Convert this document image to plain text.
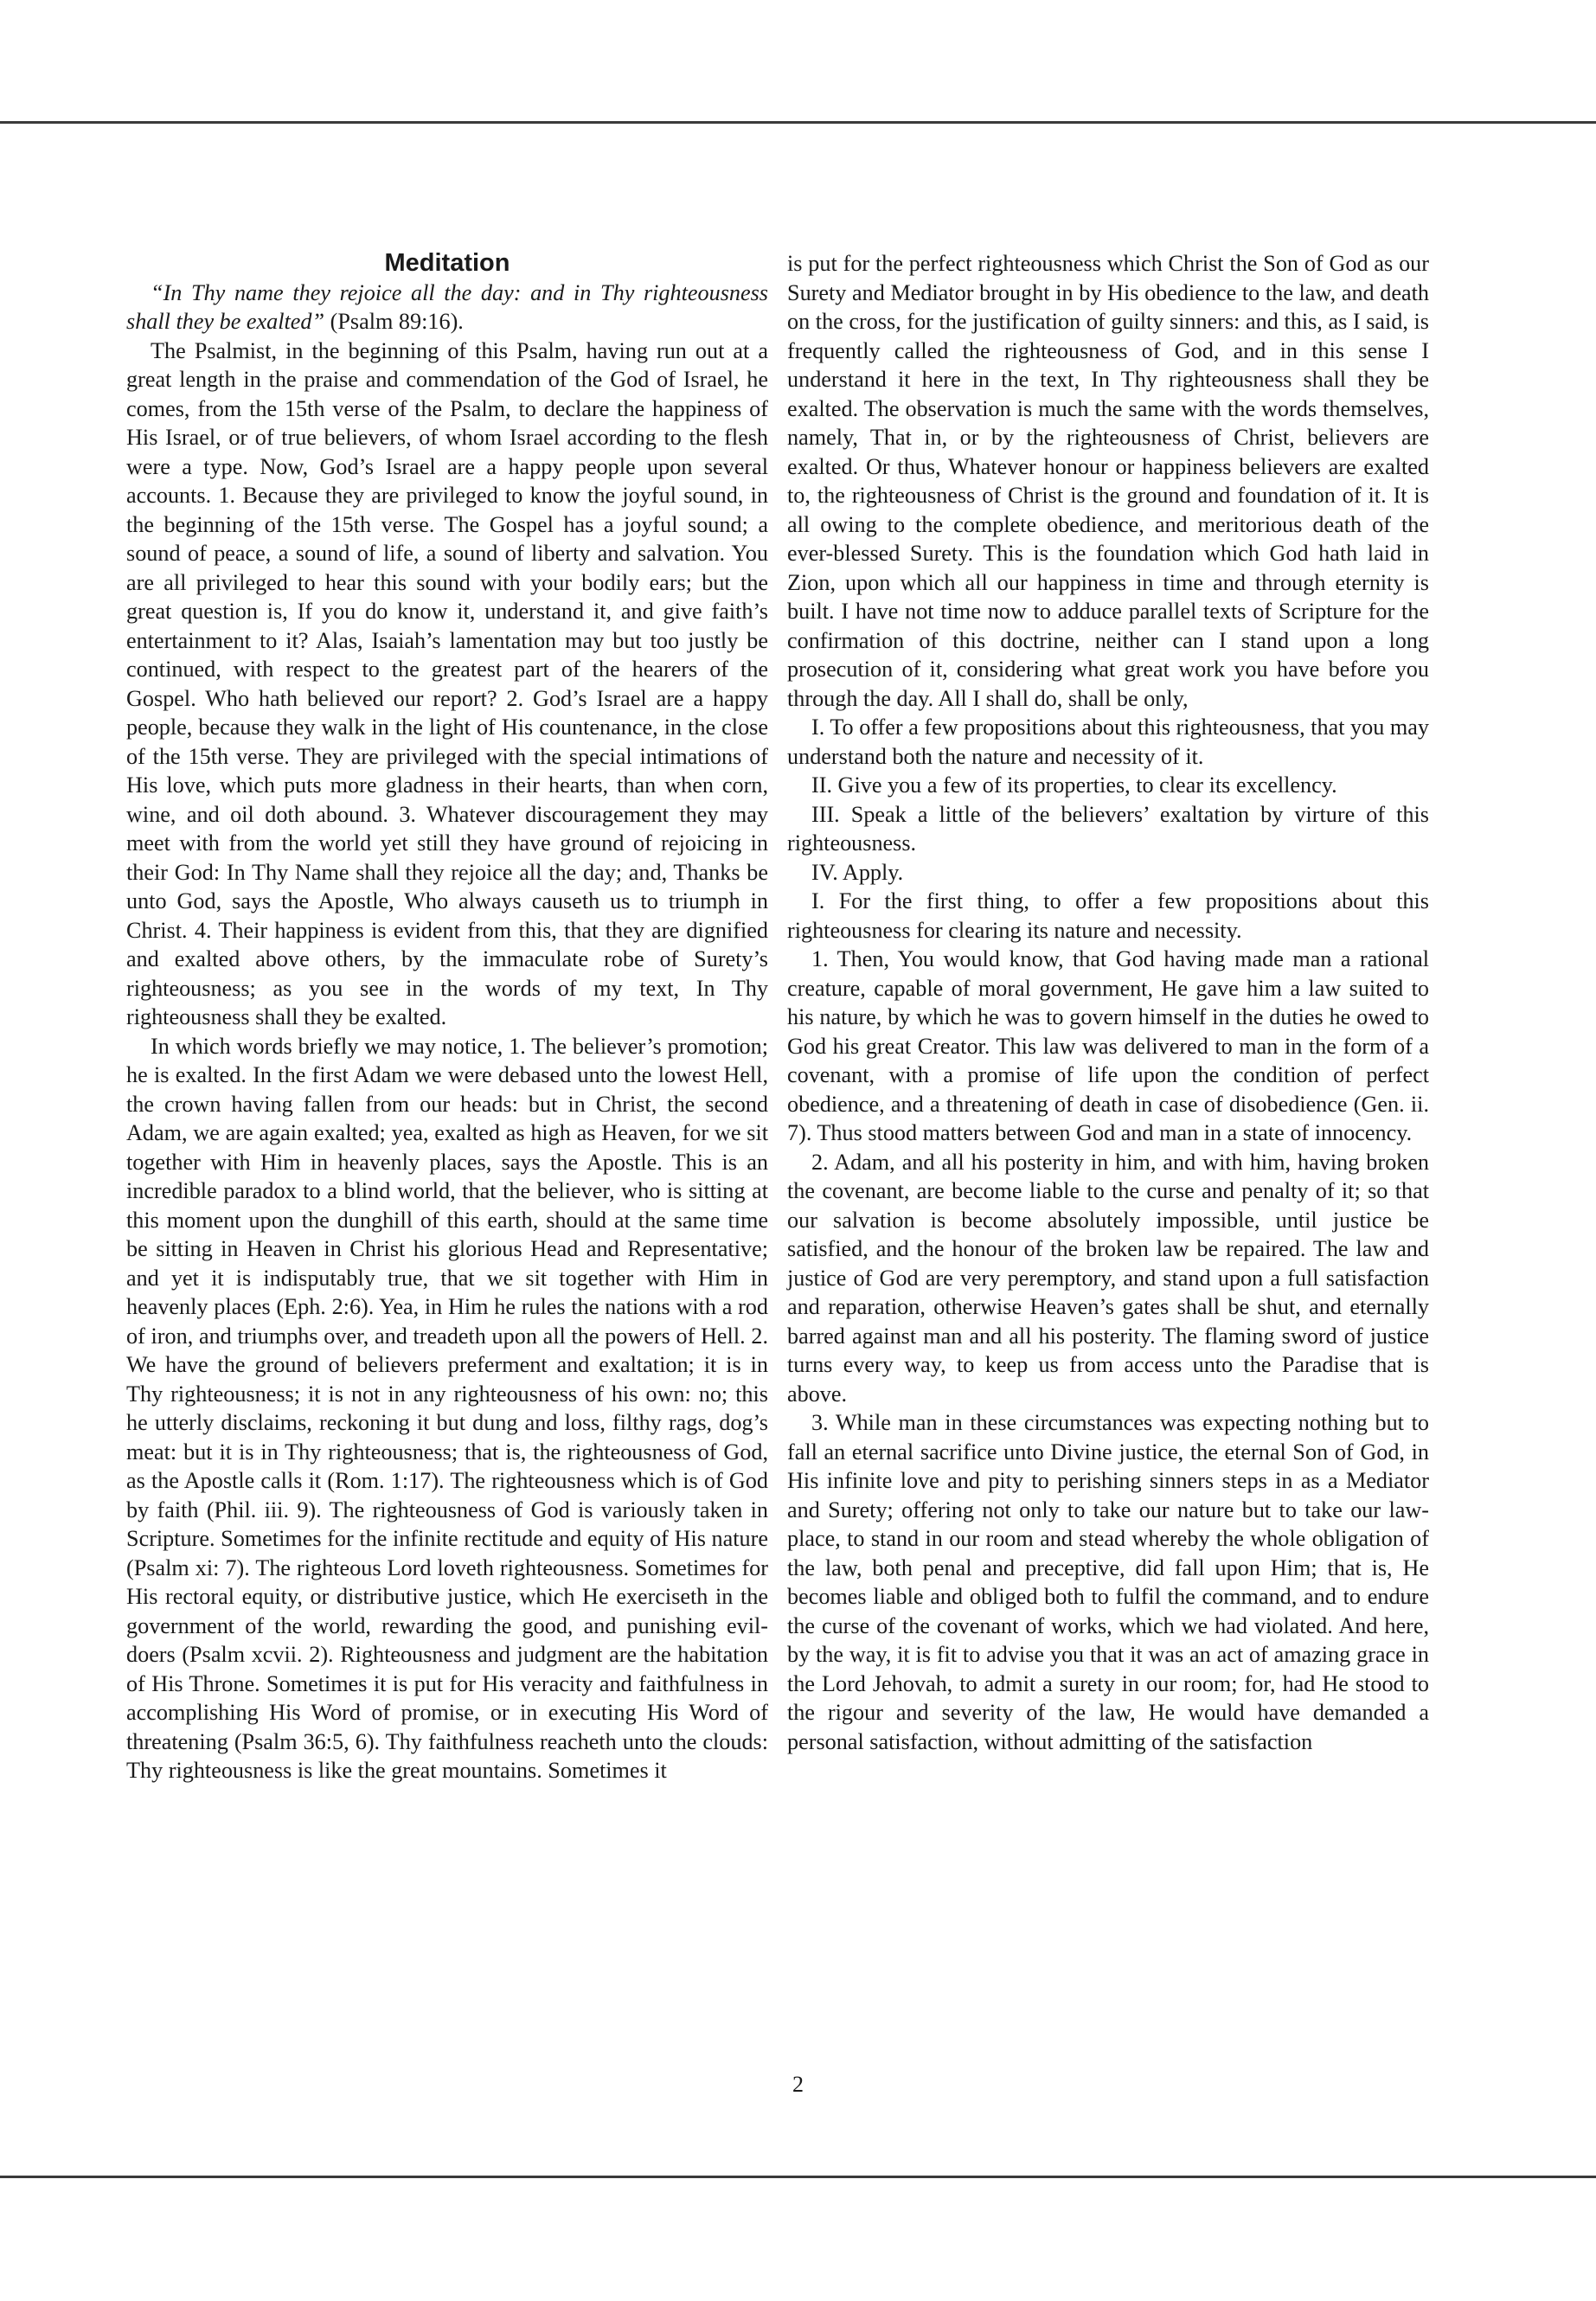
Meditation

“In Thy name they rejoice all the day: and in Thy righteousness shall they be exalted” (Psalm 89:16).

The Psalmist, in the beginning of this Psalm, having run out at a great length in the praise and commendation of the God of Israel, he comes, from the 15th verse of the Psalm, to declare the happiness of His Israel, or of true believers, of whom Israel according to the flesh were a type. Now, God’s Israel are a happy people upon several accounts. 1. Because they are privileged to know the joyful sound, in the beginning of the 15th verse. The Gospel has a joyful sound; a sound of peace, a sound of life, a sound of liberty and salvation. You are all privileged to hear this sound with your bodily ears; but the great question is, If you do know it, understand it, and give faith’s entertainment to it? Alas, Isaiah’s lamentation may but too justly be continued, with respect to the greatest part of the hearers of the Gospel. Who hath believed our report? 2. God’s Israel are a happy people, because they walk in the light of His countenance, in the close of the 15th verse. They are privileged with the special intimations of His love, which puts more gladness in their hearts, than when corn, wine, and oil doth abound. 3. Whatever discouragement they may meet with from the world yet still they have ground of rejoicing in their God: In Thy Name shall they rejoice all the day; and, Thanks be unto God, says the Apostle, Who always causeth us to triumph in Christ. 4. Their happiness is evident from this, that they are dignified and exalted above others, by the immaculate robe of Surety’s righteousness; as you see in the words of my text, In Thy righteousness shall they be exalted.

In which words briefly we may notice, 1. The believer’s promotion; he is exalted. In the first Adam we were debased unto the lowest Hell, the crown having fallen from our heads: but in Christ, the second Adam, we are again exalted; yea, exalted as high as Heaven, for we sit together with Him in heavenly places, says the Apostle. This is an incredible paradox to a blind world, that the believer, who is sitting at this moment upon the dunghill of this earth, should at the same time be sitting in Heaven in Christ his glorious Head and Representative; and yet it is indisputably true, that we sit together with Him in heavenly places (Eph. 2:6). Yea, in Him he rules the nations with a rod of iron, and triumphs over, and treadeth upon all the powers of Hell. 2. We have the ground of believers preferment and exaltation; it is in Thy righteousness; it is not in any righteousness of his own: no; this he utterly disclaims, reckoning it but dung and loss, filthy rags, dog’s meat: but it is in Thy righteousness; that is, the righteousness of God, as the Apostle calls it (Rom. 1:17). The righteousness which is of God by faith (Phil. iii. 9). The righteousness of God is variously taken in Scripture. Sometimes for the infinite rectitude and equity of His nature (Psalm xi: 7). The righteous Lord loveth righteousness. Sometimes for His rectoral equity, or distributive justice, which He exerciseth in the government of the world, rewarding the good, and punishing evil-doers (Psalm xcvii. 2). Righteousness and judgment are the habitation of His Throne. Sometimes it is put for His veracity and faithfulness in accomplishing His Word of promise, or in executing His Word of threatening (Psalm 36:5, 6). Thy faithfulness reacheth unto the clouds: Thy righteousness is like the great mountains. Sometimes it

is put for the perfect righteousness which Christ the Son of God as our Surety and Mediator brought in by His obedience to the law, and death on the cross, for the justification of guilty sinners: and this, as I said, is frequently called the righteousness of God, and in this sense I understand it here in the text, In Thy righteousness shall they be exalted. The observation is much the same with the words themselves, namely, That in, or by the righteousness of Christ, believers are exalted. Or thus, Whatever honour or happiness believers are exalted to, the righteousness of Christ is the ground and foundation of it. It is all owing to the complete obedience, and meritorious death of the ever-blessed Surety. This is the foundation which God hath laid in Zion, upon which all our happiness in time and through eternity is built. I have not time now to adduce parallel texts of Scripture for the confirmation of this doctrine, neither can I stand upon a long prosecution of it, considering what great work you have before you through the day. All I shall do, shall be only,

I. To offer a few propositions about this righteousness, that you may understand both the nature and necessity of it.

II. Give you a few of its properties, to clear its excellency.

III. Speak a little of the believers’ exaltation by virture of this righteousness.

IV. Apply.

I. For the first thing, to offer a few propositions about this righteousness for clearing its nature and necessity.

1. Then, You would know, that God having made man a rational creature, capable of moral government, He gave him a law suited to his nature, by which he was to govern himself in the duties he owed to God his great Creator. This law was delivered to man in the form of a covenant, with a promise of life upon the condition of perfect obedience, and a threatening of death in case of disobedience (Gen. ii. 7). Thus stood matters between God and man in a state of innocency.

2. Adam, and all his posterity in him, and with him, having broken the covenant, are become liable to the curse and penalty of it; so that our salvation is become absolutely impossible, until justice be satisfied, and the honour of the broken law be repaired. The law and justice of God are very peremptory, and stand upon a full satisfaction and reparation, otherwise Heaven’s gates shall be shut, and eternally barred against man and all his posterity. The flaming sword of justice turns every way, to keep us from access unto the Paradise that is above.

3. While man in these circumstances was expecting nothing but to fall an eternal sacrifice unto Divine justice, the eternal Son of God, in His infinite love and pity to perishing sinners steps in as a Mediator and Surety; offering not only to take our nature but to take our law-place, to stand in our room and stead whereby the whole obligation of the law, both penal and preceptive, did fall upon Him; that is, He becomes liable and obliged both to fulfil the command, and to endure the curse of the covenant of works, which we had violated. And here, by the way, it is fit to advise you that it was an act of amazing grace in the Lord Jehovah, to admit a surety in our room; for, had He stood to the rigour and severity of the law, He would have demanded a personal satisfaction, without admitting of the satisfaction

2
